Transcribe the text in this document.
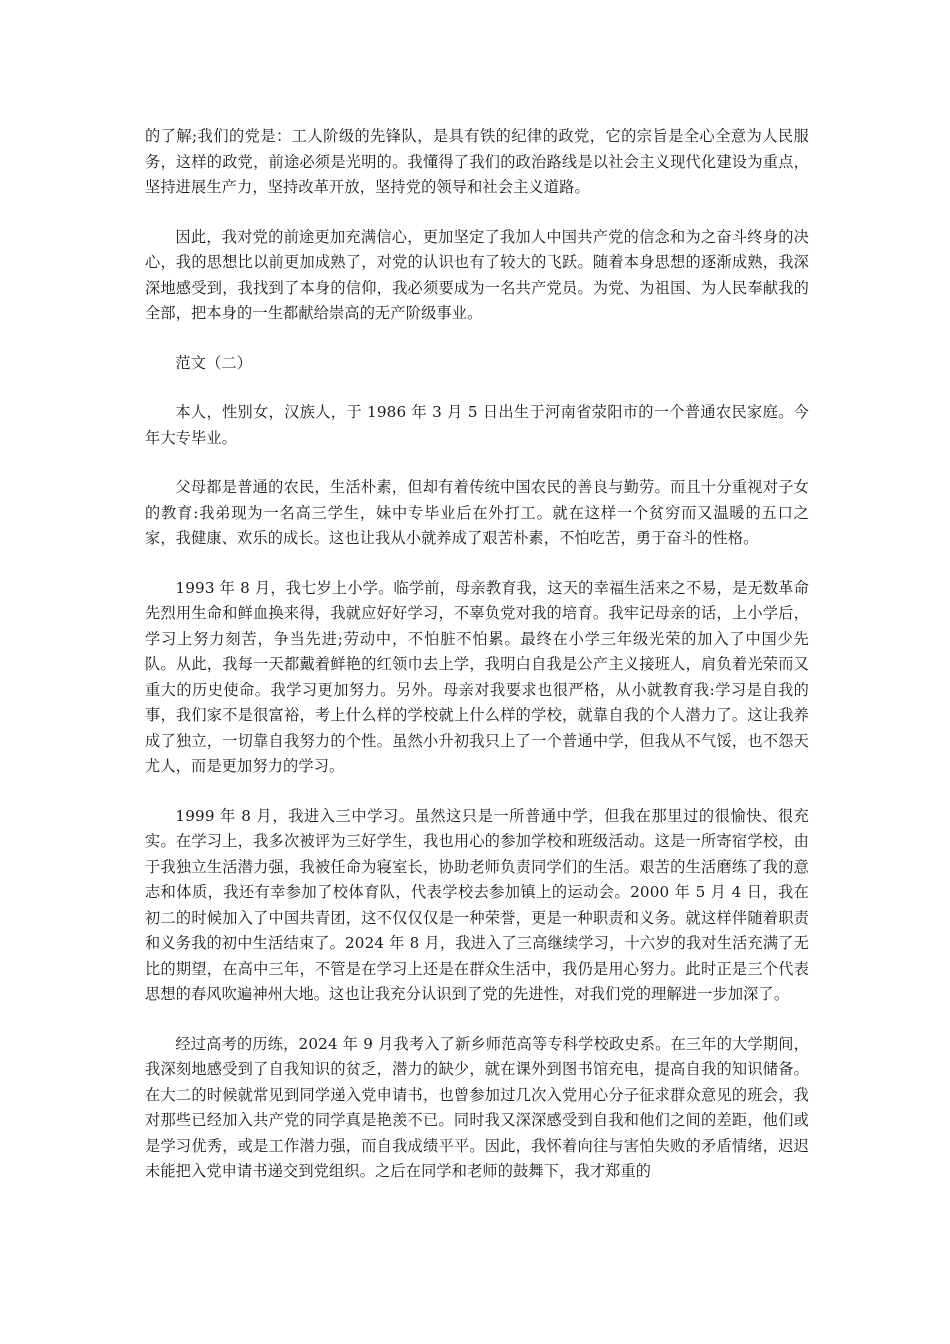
的了解;我们的党是：工人阶级的先锋队，是具有铁的纪律的政党，它的宗旨是全心全意为人民服务，这样的政党，前途必须是光明的。我懂得了我们的政治路线是以社会主义现代化建设为重点，坚持进展生产力，坚持改革开放，坚持党的领导和社会主义道路。

因此，我对党的前途更加充满信心，更加坚定了我加人中国共产党的信念和为之奋斗终身的决心，我的思想比以前更加成熟了，对党的认识也有了较大的飞跃。随着本身思想的逐渐成熟，我深深地感受到，我找到了本身的信仰，我必须要成为一名共产党员。为党、为祖国、为人民奉献我的全部，把本身的一生都献给崇高的无产阶级事业。

范文（二）

本人，性别女，汉族人，于 1986 年 3 月 5 日出生于河南省荥阳市的一个普通农民家庭。今年大专毕业。

父母都是普通的农民，生活朴素，但却有着传统中国农民的善良与勤劳。而且十分重视对子女的教育:我弟现为一名高三学生，妹中专毕业后在外打工。就在这样一个贫穷而又温暖的五口之家，我健康、欢乐的成长。这也让我从小就养成了艰苦朴素，不怕吃苦，勇于奋斗的性格。

1993 年 8 月，我七岁上小学。临学前，母亲教育我，这天的幸福生活来之不易，是无数革命先烈用生命和鲜血换来得，我就应好好学习，不辜负党对我的培育。我牢记母亲的话，上小学后，学习上努力刻苦，争当先进;劳动中，不怕脏不怕累。最终在小学三年级光荣的加入了中国少先队。从此，我每一天都戴着鲜艳的红领巾去上学，我明白自我是公产主义接班人，肩负着光荣而又重大的历史使命。我学习更加努力。另外。母亲对我要求也很严格，从小就教育我:学习是自我的事，我们家不是很富裕，考上什么样的学校就上什么样的学校，就靠自我的个人潜力了。这让我养成了独立，一切靠自我努力的个性。虽然小升初我只上了一个普通中学，但我从不气馁，也不怨天尤人，而是更加努力的学习。

1999 年 8 月，我进入三中学习。虽然这只是一所普通中学，但我在那里过的很愉快、很充实。在学习上，我多次被评为三好学生，我也用心的参加学校和班级活动。这是一所寄宿学校，由于我独立生活潜力强，我被任命为寝室长，协助老师负责同学们的生活。艰苦的生活磨练了我的意志和体质，我还有幸参加了校体育队，代表学校去参加镇上的运动会。2000 年 5 月 4 日，我在初二的时候加入了中国共青团，这不仅仅仅是一种荣誉，更是一种职责和义务。就这样伴随着职责和义务我的初中生活结束了。2024 年 8 月，我进入了三高继续学习，十六岁的我对生活充满了无比的期望，在高中三年，不管是在学习上还是在群众生活中，我仍是用心努力。此时正是三个代表思想的春风吹遍神州大地。这也让我充分认识到了党的先进性，对我们党的理解进一步加深了。

经过高考的历练，2024 年 9 月我考入了新乡师范高等专科学校政史系。在三年的大学期间，我深刻地感受到了自我知识的贫乏，潜力的缺少，就在课外到图书馆充电，提高自我的知识储备。在大二的时候就常见到同学递入党申请书，也曾参加过几次入党用心分子征求群众意见的班会，我对那些已经加入共产党的同学真是艳羡不已。同时我又深深感受到自我和他们之间的差距，他们或是学习优秀，或是工作潜力强，而自我成绩平平。因此，我怀着向往与害怕失败的矛盾情绪，迟迟未能把入党申请书递交到党组织。之后在同学和老师的鼓舞下，我才郑重的
